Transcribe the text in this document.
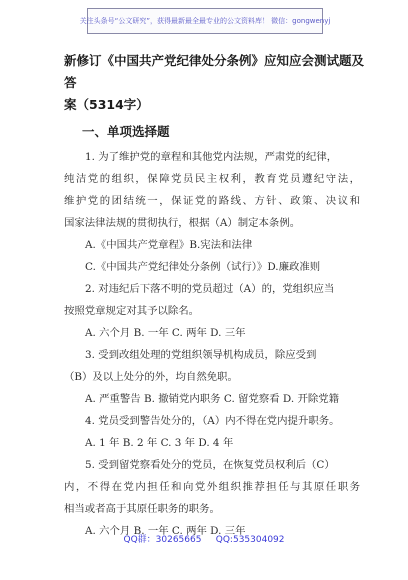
关注头条号“公文研究”，获得最新最全最专业的公文资料库！ 微信：gongwenyj
新修订《中国共产党纪律处分条例》应知应会测试题及答
案（5314字）
一、单项选择题
1. 为了维护党的章程和其他党内法规，严肃党的纪律，
纯洁党的组织，保障党员民主权利，教育党员遵纪守法，
维护党的团结统一，保证党的路线、方针、政策、决议和
国家法律法规的贯彻执行，根据（A）制定本条例。
A.《中国共产党章程》B.宪法和法律
C.《中国共产党纪律处分条例（试行）》D.廉政准则
2. 对违纪后下落不明的党员超过（A）的，党组织应当
按照党章规定对其予以除名。
A. 六个月 B. 一年 C. 两年 D. 三年
3. 受到改组处理的党组织领导机构成员，除应受到
（B）及以上处分的外，均自然免职。
A. 严重警告 B. 撤销党内职务 C. 留党察看 D. 开除党籍
4. 党员受到警告处分的，（A）内不得在党内提升职务。
A. 1 年 B. 2 年 C. 3 年 D. 4 年
5. 受到留党察看处分的党员，在恢复党员权利后（C）
内，不得在党内担任和向党外组织推荐担任与其原任职务
相当或者高于其原任职务的职务。
A. 六个月 B. 一年 C. 两年 D. 三年
QQ群：30265665     QQ:535304092
